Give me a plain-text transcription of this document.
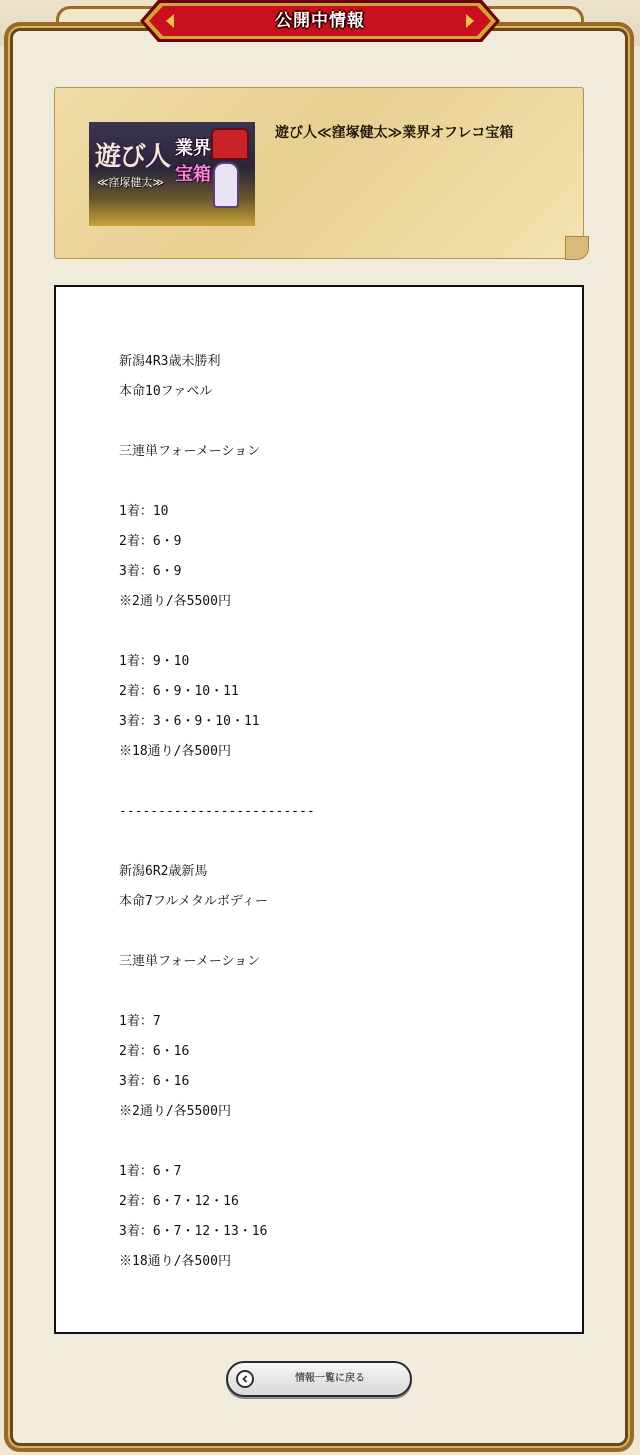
公開中情報
遊び人 業界
宝箱
≪窪塚健太≫
遊び人≪窪塚健太≫業界オフレコ宝箱
新潟4R3歳未勝利
本命10ファベル
三連単フォーメーション
1着：10
2着：6・9
3着：6・9
※2通り/各5500円
1着：9・10
2着：6・9・10・11
3着：3・6・9・10・11
※18通り/各500円
-------------------------
新潟6R2歳新馬
本命7フルメタルボディー
三連単フォーメーション
1着：7
2着：6・16
3着：6・16
※2通り/各5500円
1着：6・7
2着：6・7・12・16
3着：6・7・12・13・16
※18通り/各500円
情報一覧に戻る
